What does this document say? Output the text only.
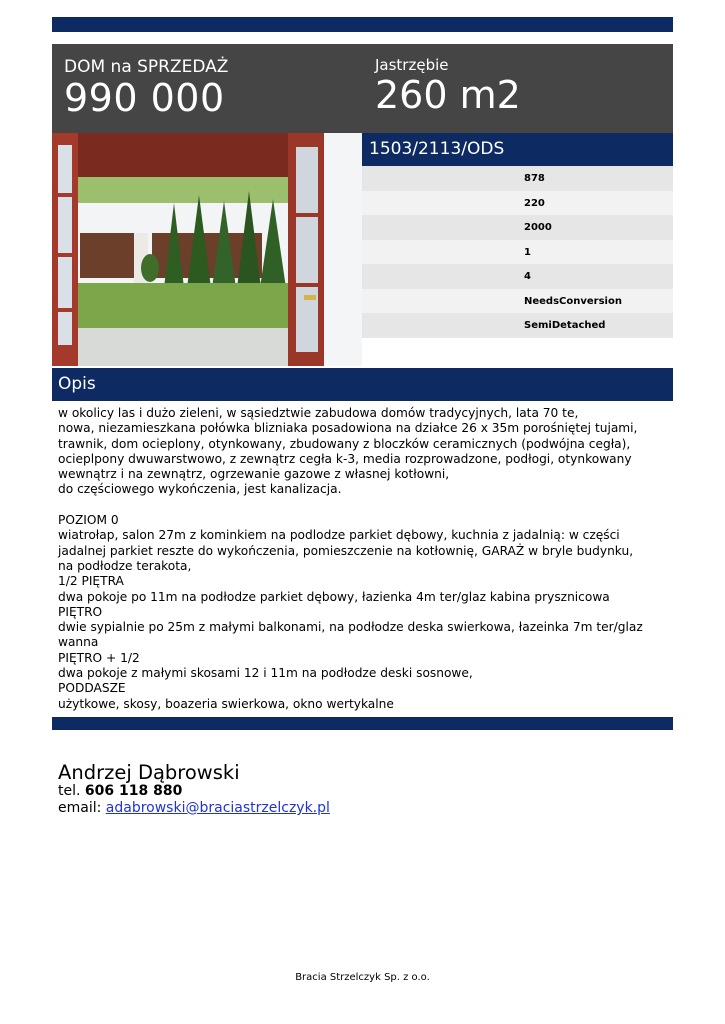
DOM na SPRZEDAŻ
990 000
Jastrzębie
260 m2
1503/2113/ODS
878
220
2000
1
4
NeedsConversion
SemiDetached
Opis
w okolicy las i dużo zieleni, w sąsiedztwie zabudowa domów tradycyjnych, lata 70 te,
nowa, niezamieszkana połówka blizniaka posadowiona na działce 26 x 35m porośniętej tujami,
trawnik, dom ocieplony, otynkowany, zbudowany z bloczków ceramicznych (podwójna cegła),
ocieplpony dwuwarstwowo, z zewnątrz cegła k-3, media rozprowadzone, podłogi, otynkowany
wewnątrz i na zewnątrz, ogrzewanie gazowe z własnej kotłowni,
do częściowego wykończenia, jest kanalizacja.

POZIOM 0
wiatrołap, salon 27m z kominkiem na podlodze parkiet dębowy, kuchnia z jadalnią: w części
jadalnej parkiet reszte do wykończenia, pomieszczenie na kotłownię, GARAŻ w bryle budynku,
na podłodze terakota,
1/2 PIĘTRA
dwa pokoje po 11m na podłodze parkiet dębowy, łazienka 4m ter/glaz kabina prysznicowa
PIĘTRO
dwie sypialnie po 25m z małymi balkonami, na podłodze deska swierkowa, łazeinka 7m ter/glaz
wanna
PIĘTRO + 1/2
dwa pokoje z małymi skosami 12 i 11m na podłodze deski sosnowe,
PODDASZE
użytkowe, skosy, boazeria swierkowa, okno wertykalne
Andrzej Dąbrowski
tel. 606 118 880
email: adabrowski@braciastrzelczyk.pl
Bracia Strzelczyk Sp. z o.o.
